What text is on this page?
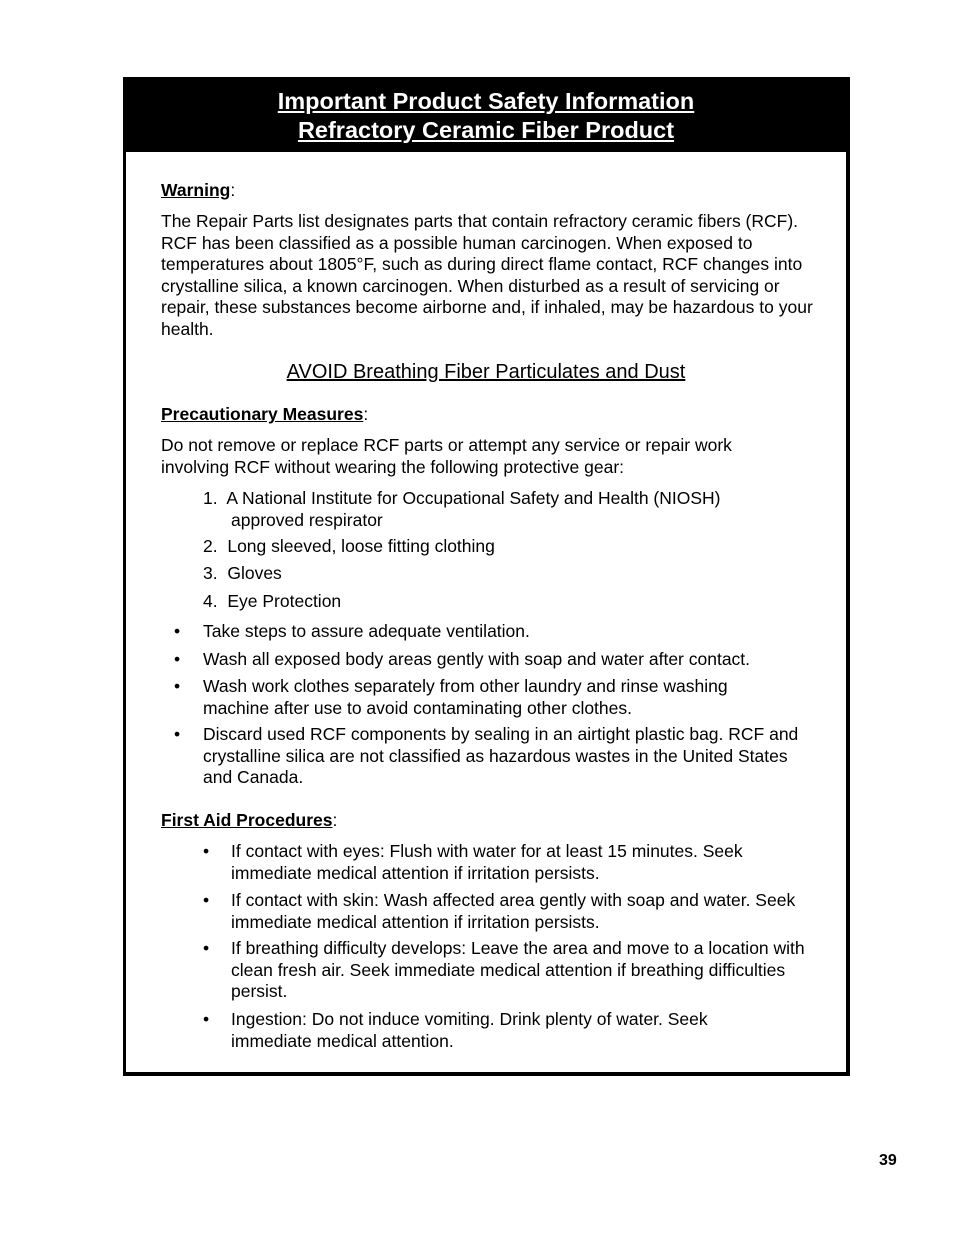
Important Product Safety Information
Refractory Ceramic Fiber Product
Warning:
The Repair Parts list designates parts that contain refractory ceramic fibers (RCF). RCF has been classified as a possible human carcinogen. When exposed to temperatures about 1805°F, such as during direct flame contact, RCF changes into crystalline silica, a known carcinogen. When disturbed as a result of servicing or repair, these substances become airborne and, if inhaled, may be hazardous to your health.
AVOID Breathing Fiber Particulates and Dust
Precautionary Measures:
Do not remove or replace RCF parts or attempt any service or repair work involving RCF without wearing the following protective gear:
1. A National Institute for Occupational Safety and Health (NIOSH)
approved respirator
2. Long sleeved, loose fitting clothing
3. Gloves
4. Eye Protection
•	Take steps to assure adequate ventilation.
•	Wash all exposed body areas gently with soap and water after contact.
•	Wash work clothes separately from other laundry and rinse washing machine after use to avoid contaminating other clothes.
•	Discard used RCF components by sealing in an airtight plastic bag. RCF and crystalline silica are not classified as hazardous wastes in the United States and Canada.
First Aid Procedures:
•	If contact with eyes: Flush with water for at least 15 minutes. Seek immediate medical attention if irritation persists.
•	If contact with skin: Wash affected area gently with soap and water. Seek immediate medical attention if irritation persists.
•	If breathing difficulty develops: Leave the area and move to a location with clean fresh air. Seek immediate medical attention if breathing difficulties persist.
•	Ingestion: Do not induce vomiting. Drink plenty of water. Seek immediate medical attention.
39
